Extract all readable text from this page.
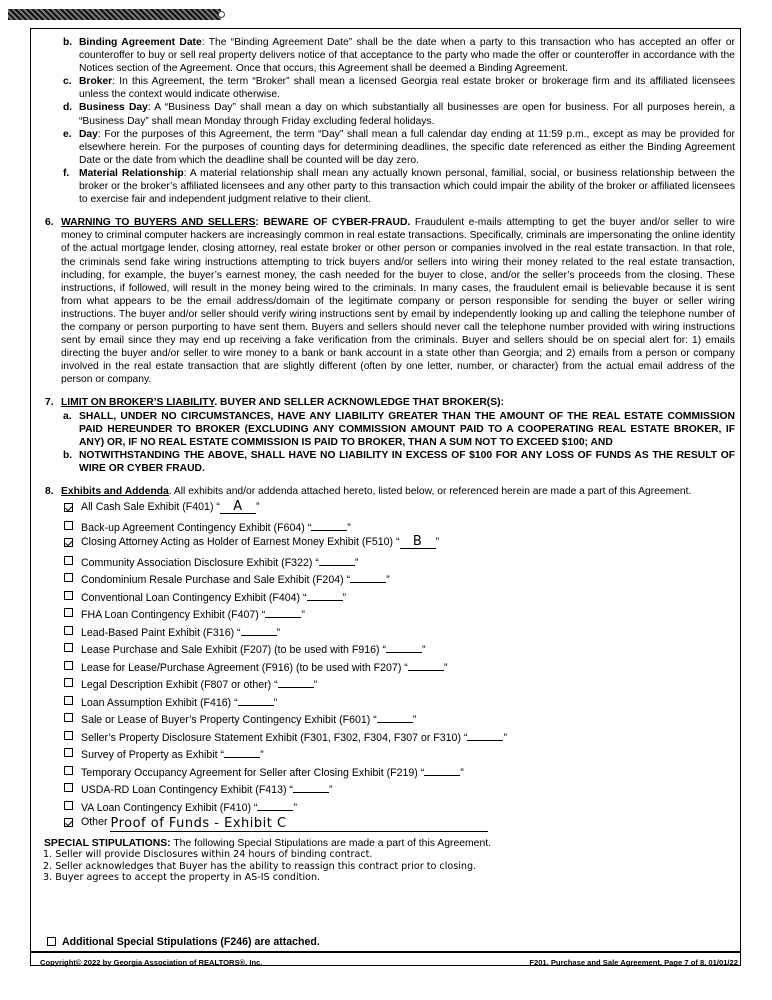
b. Binding Agreement Date: The “Binding Agreement Date” shall be the date when a party to this transaction who has accepted an offer or counteroffer to buy or sell real property delivers notice of that acceptance to the party who made the offer or counteroffer in accordance with the Notices section of the Agreement. Once that occurs, this Agreement shall be deemed a Binding Agreement.
c. Broker: In this Agreement, the term “Broker” shall mean a licensed Georgia real estate broker or brokerage firm and its affiliated licensees unless the context would indicate otherwise.
d. Business Day: A “Business Day” shall mean a day on which substantially all businesses are open for business. For all purposes herein, a “Business Day” shall mean Monday through Friday excluding federal holidays.
e. Day: For the purposes of this Agreement, the term “Day” shall mean a full calendar day ending at 11:59 p.m., except as may be provided for elsewhere herein. For the purposes of counting days for determining deadlines, the specific date referenced as either the Binding Agreement Date or the date from which the deadline shall be counted will be day zero.
f. Material Relationship: A material relationship shall mean any actually known personal, familial, social, or business relationship between the broker or the broker’s affiliated licensees and any other party to this transaction which could impair the ability of the broker or affiliated licensees to exercise fair and independent judgment relative to their client.
6. WARNING TO BUYERS AND SELLERS: BEWARE OF CYBER-FRAUD. Fraudulent e-mails attempting to get the buyer and/or seller to wire money to criminal computer hackers are increasingly common in real estate transactions. Specifically, criminals are impersonating the online identity of the actual mortgage lender, closing attorney, real estate broker or other person or companies involved in the real estate transaction. In that role, the criminals send fake wiring instructions attempting to trick buyers and/or sellers into wiring their money related to the real estate transaction, including, for example, the buyer’s earnest money, the cash needed for the buyer to close, and/or the seller’s proceeds from the closing. These instructions, if followed, will result in the money being wired to the criminals. In many cases, the fraudulent email is believable because it is sent from what appears to be the email address/domain of the legitimate company or person responsible for sending the buyer or seller wiring instructions. The buyer and/or seller should verify wiring instructions sent by email by independently looking up and calling the telephone number of the company or person purporting to have sent them. Buyers and sellers should never call the telephone number provided with wiring instructions sent by email since they may end up receiving a fake verification from the criminals. Buyer and sellers should be on special alert for: 1) emails directing the buyer and/or seller to wire money to a bank or bank account in a state other than Georgia; and 2) emails from a person or company involved in the real estate transaction that are slightly different (often by one letter, number, or character) from the actual email address of the person or company.
7. LIMIT ON BROKER’S LIABILITY. BUYER AND SELLER ACKNOWLEDGE THAT BROKER(S):
a. SHALL, UNDER NO CIRCUMSTANCES, HAVE ANY LIABILITY GREATER THAN THE AMOUNT OF THE REAL ESTATE COMMISSION PAID HEREUNDER TO BROKER (EXCLUDING ANY COMMISSION AMOUNT PAID TO A COOPERATING REAL ESTATE BROKER, IF ANY) OR, IF NO REAL ESTATE COMMISSION IS PAID TO BROKER, THAN A SUM NOT TO EXCEED $100; AND
b. NOTWITHSTANDING THE ABOVE, SHALL HAVE NO LIABILITY IN EXCESS OF $100 FOR ANY LOSS OF FUNDS AS THE RESULT OF WIRE OR CYBER FRAUD.
8. Exhibits and Addenda. All exhibits and/or addenda attached hereto, listed below, or referenced herein are made a part of this Agreement.
All Cash Sale Exhibit (F401) “ A ”
Back-up Agreement Contingency Exhibit (F604) “	”
Closing Attorney Acting as Holder of Earnest Money Exhibit (F510) “ B ”
Community Association Disclosure Exhibit (F322) “	”
Condominium Resale Purchase and Sale Exhibit (F204) “	”
Conventional Loan Contingency Exhibit (F404) “	”
FHA Loan Contingency Exhibit (F407) “	”
Lead-Based Paint Exhibit (F316) “	”
Lease Purchase and Sale Exhibit (F207) (to be used with F916) “	”
Lease for Lease/Purchase Agreement (F916) (to be used with F207) “	”
Legal Description Exhibit (F807 or other) “	”
Loan Assumption Exhibit (F416) “	”
Sale or Lease of Buyer’s Property Contingency Exhibit (F601) “	”
Seller’s Property Disclosure Statement Exhibit (F301, F302, F304, F307 or F310) “	”
Survey of Property as Exhibit “	”
Temporary Occupancy Agreement for Seller after Closing Exhibit (F219) “	”
USDA-RD Loan Contingency Exhibit (F413) “	”
VA Loan Contingency Exhibit (F410) “	”
Other Proof of Funds - Exhibit C
SPECIAL STIPULATIONS: The following Special Stipulations are made a part of this Agreement.
1. Seller will provide Disclosures within 24 hours of binding contract.
2. Seller acknowledges that Buyer has the ability to reassign this contract prior to closing.
3. Buyer agrees to accept the property in AS-IS condition.
Additional Special Stipulations (F246) are attached.
Copyright© 2022 by Georgia Association of REALTORS®, Inc.	F201, Purchase and Sale Agreement, Page 7 of 8, 01/01/22
